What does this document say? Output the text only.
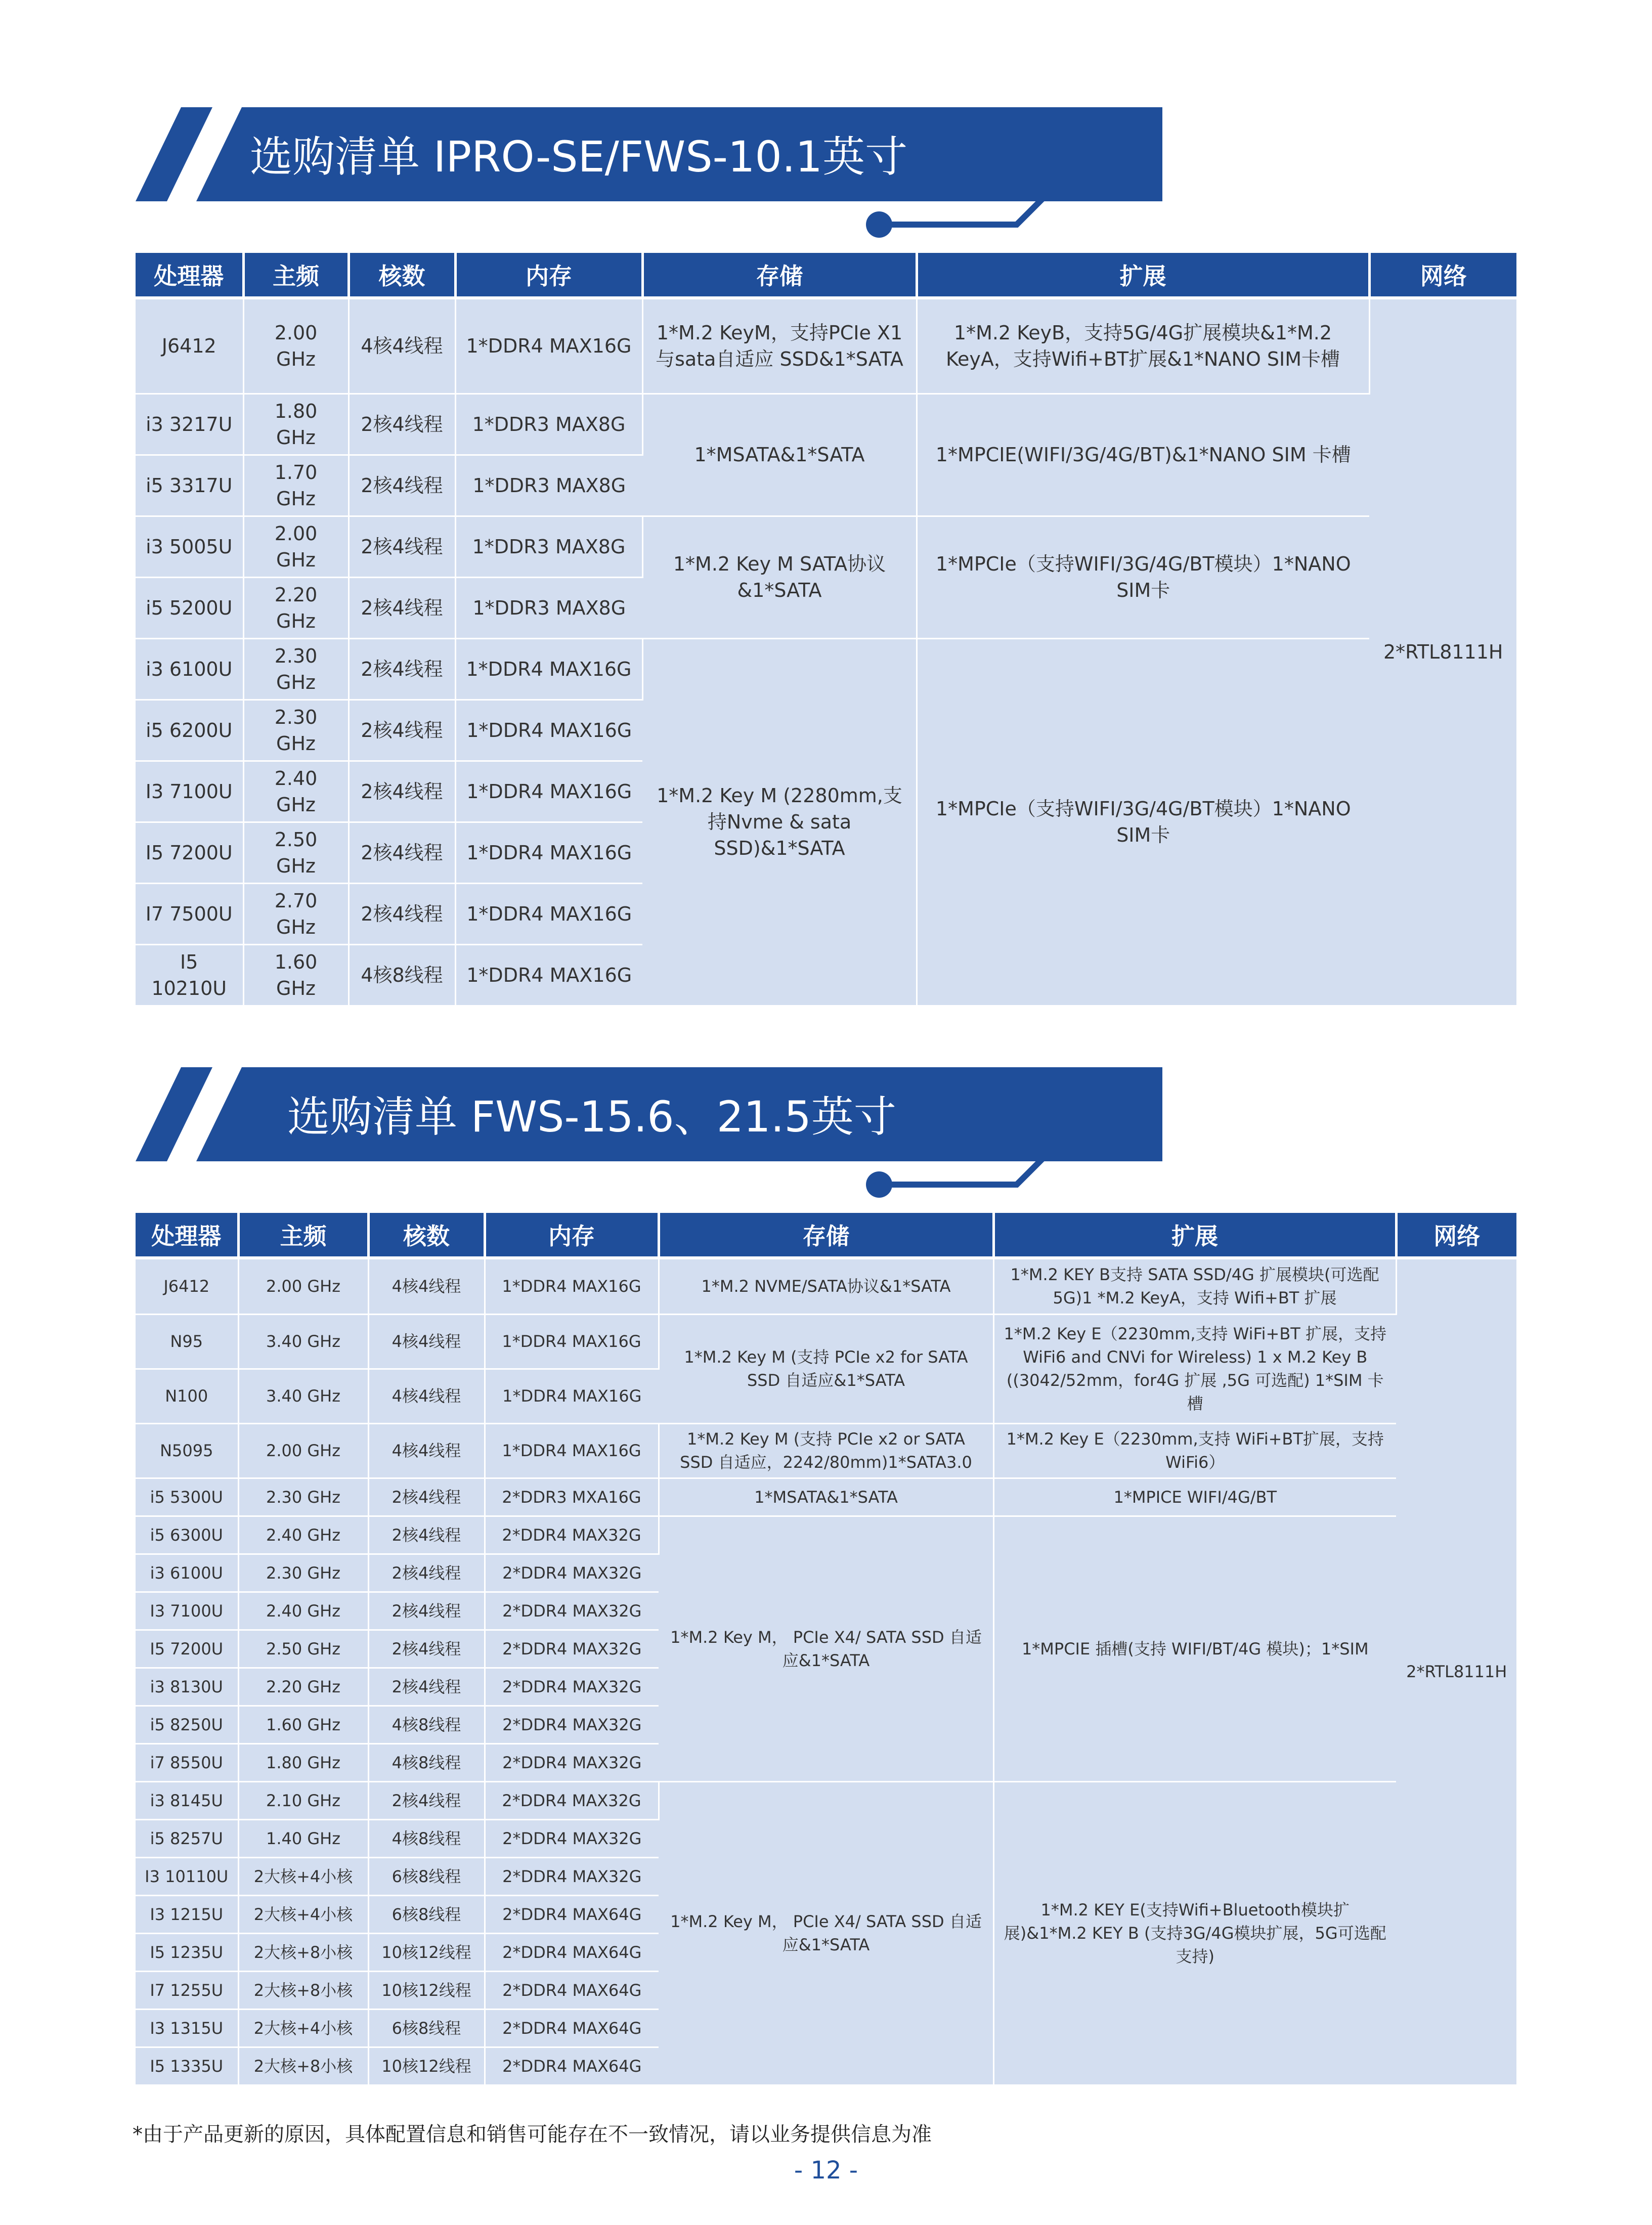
选购清单 IPRO-SE/FWS-10.1英寸
处理器	主频	核数	内存	存储	扩展	网络

J6412	2.00 GHz	4核4线程	1*DDR4 MAX16G	1*M.2 KeyM，支持PCIe X1与sata自适应 SSD&1*SATA	1*M.2 KeyB，支持5G/4G扩展模块&1*M.2 KeyA，支持Wifi+BT扩展&1*NANO SIM卡槽	2*RTL8111H
i3 3217U	1.80 GHz	2核4线程	1*DDR3 MAX8G	1*MSATA&1*SATA	1*MPCIE(WIFI/3G/4G/BT)&1*NANO SIM 卡槽	
i5 3317U	1.70 GHz	2核4线程	1*DDR3 MAX8G			
i3 5005U	2.00 GHz	2核4线程	1*DDR3 MAX8G	1*M.2 Key M SATA协议&1*SATA	1*MPCIe（支持WIFI/3G/4G/BT模块）1*NANO SIM卡	
i5 5200U	2.20 GHz	2核4线程	1*DDR3 MAX8G			
i3 6100U	2.30 GHz	2核4线程	1*DDR4 MAX16G	1*M.2 Key M (2280mm,支持Nvme & sata SSD)&1*SATA	1*MPCIe（支持WIFI/3G/4G/BT模块）1*NANO SIM卡	
i5 6200U	2.30 GHz	2核4线程	1*DDR4 MAX16G			
I3 7100U	2.40 GHz	2核4线程	1*DDR4 MAX16G			
I5 7200U	2.50 GHz	2核4线程	1*DDR4 MAX16G			
I7 7500U	2.70 GHz	2核4线程	1*DDR4 MAX16G			
I5 10210U	1.60 GHz	4核8线程	1*DDR4 MAX16G			
选购清单 FWS-15.6、21.5英寸
处理器	主频	核数	内存	存储	扩展	网络

J6412	2.00 GHz	4核4线程	1*DDR4 MAX16G	1*M.2 NVME/SATA协议&1*SATA	1*M.2 KEY B支持 SATA SSD/4G 扩展模块(可选配5G)1 *M.2 KeyA，支持 Wifi+BT 扩展	2*RTL8111H
N95	3.40 GHz	4核4线程	1*DDR4 MAX16G	1*M.2 Key M (支持 PCIe x2 for SATA SSD 自适应&1*SATA	1*M.2 Key E（2230mm,支持 WiFi+BT 扩展，支持WiFi6 and CNVi for Wireless) 1 x M.2 Key B ((3042/52mm，for4G 扩展 ,5G 可选配) 1*SIM 卡槽	
N100	3.40 GHz	4核4线程	1*DDR4 MAX16G			
N5095	2.00 GHz	4核4线程	1*DDR4 MAX16G	1*M.2 Key M (支持 PCIe x2 or SATA SSD 自适应，2242/80mm)1*SATA3.0	1*M.2 Key E（2230mm,支持 WiFi+BT扩展，支持WiFi6）	
i5 5300U	2.30 GHz	2核4线程	2*DDR3 MXA16G	1*MSATA&1*SATA	1*MPICE WIFI/4G/BT	
i5 6300U	2.40 GHz	2核4线程	2*DDR4 MAX32G	1*M.2 Key M， PCIe X4/ SATA SSD 自适应&1*SATA	1*MPCIE 插槽(支持 WIFI/BT/4G 模块)；1*SIM	
i3 6100U	2.30 GHz	2核4线程	2*DDR4 MAX32G			
I3 7100U	2.40 GHz	2核4线程	2*DDR4 MAX32G			
I5 7200U	2.50 GHz	2核4线程	2*DDR4 MAX32G			
i3 8130U	2.20 GHz	2核4线程	2*DDR4 MAX32G			
i5 8250U	1.60 GHz	4核8线程	2*DDR4 MAX32G			
i7 8550U	1.80 GHz	4核8线程	2*DDR4 MAX32G			
i3 8145U	2.10 GHz	2核4线程	2*DDR4 MAX32G	1*M.2 Key M， PCIe X4/ SATA SSD 自适应&1*SATA	1*M.2 KEY E(支持Wifi+Bluetooth模块扩展)&1*M.2 KEY B (支持3G/4G模块扩展，5G可选配支持)	
i5 8257U	1.40 GHz	4核8线程	2*DDR4 MAX32G			
I3 10110U	2大核+4小核	6核8线程	2*DDR4 MAX32G			
I3 1215U	2大核+4小核	6核8线程	2*DDR4 MAX64G			
I5 1235U	2大核+8小核	10核12线程	2*DDR4 MAX64G			
I7 1255U	2大核+8小核	10核12线程	2*DDR4 MAX64G			
I3 1315U	2大核+4小核	6核8线程	2*DDR4 MAX64G			
I5 1335U	2大核+8小核	10核12线程	2*DDR4 MAX64G			
*由于产品更新的原因，具体配置信息和销售可能存在不一致情况，请以业务提供信息为准
- 12 -
